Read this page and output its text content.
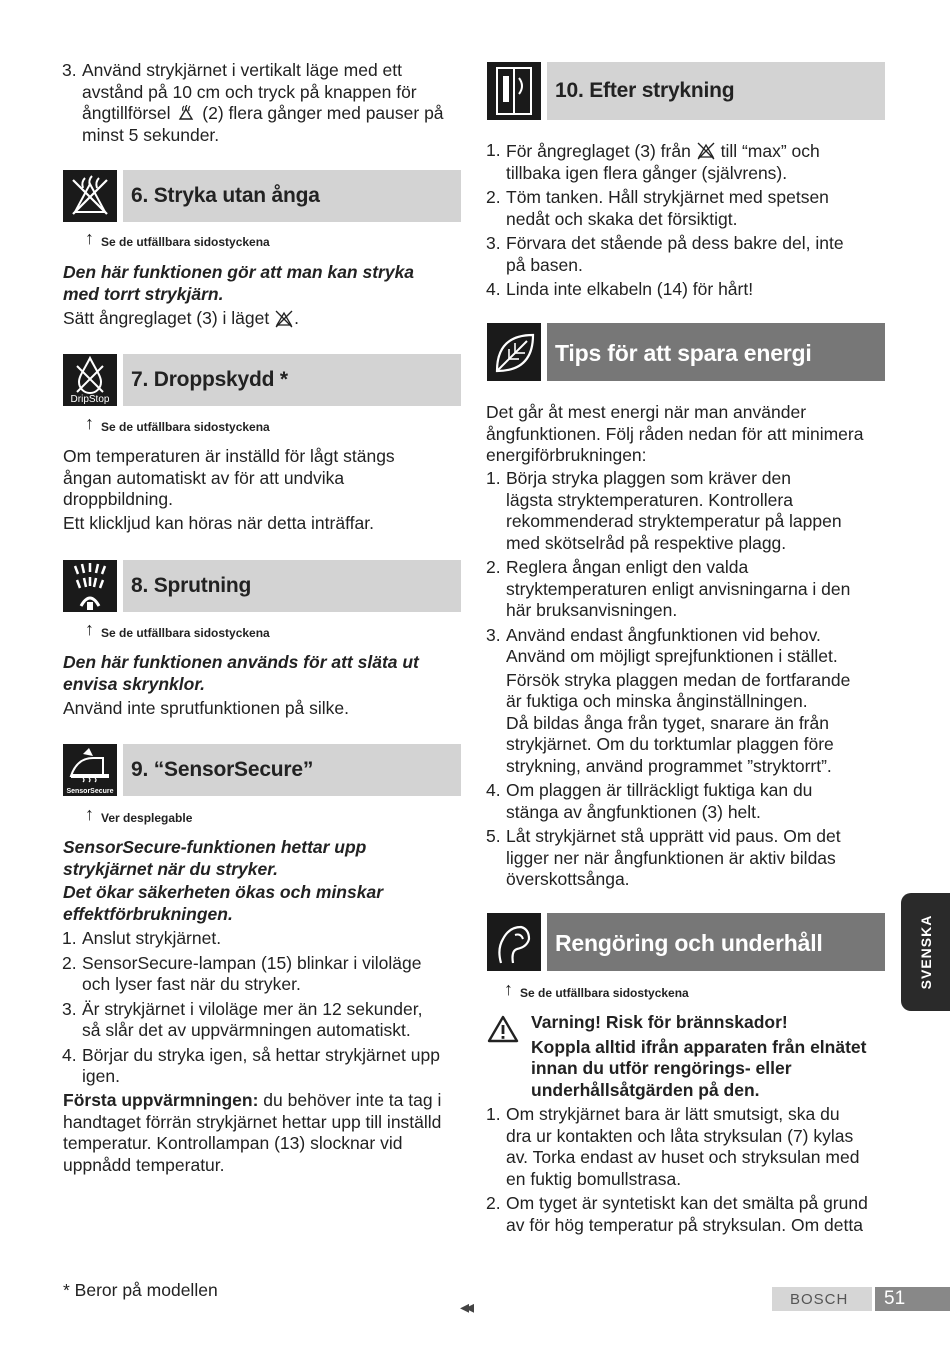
3. Använd strykjärnet i vertikalt läge med ett
avstånd på 10 cm och tryck på knappen för
ångtillförsel (2) flera gånger med pauser på
minst 5 sekunder.
6. Stryka utan ånga
↑ Se de utfällbara sidostyckena
Den här funktionen gör att man kan stryka
med torrt strykjärn.
Sätt ångreglaget (3) i läget .
DripStop
7. Droppskydd *
↑ Se de utfällbara sidostyckena
Om temperaturen är inställd för lågt stängs
ångan automatiskt av för att undvika
droppbildning.
Ett klickljud kan höras när detta inträffar.
8. Sprutning
↑ Se de utfällbara sidostyckena
Den här funktionen används för att släta ut
envisa skrynklor.
Använd inte sprutfunktionen på silke.
SensorSecure
9. “SensorSecure”
↑ Ver desplegable
SensorSecure-funktionen hettar upp
strykjärnet när du stryker.
Det ökar säkerheten ökas och minskar
effektförbrukningen.
1. Anslut strykjärnet.
2. SensorSecure-lampan (15) blinkar i viloläge
och lyser fast när du stryker.
3. Är strykjärnet i viloläge mer än 12 sekunder,
så slår det av uppvärmningen automatiskt.
4. Börjar du stryka igen, så hettar strykjärnet upp
igen.
Första uppvärmningen: du behöver inte ta tag i
handtaget förrän strykjärnet hettar upp till inställd
temperatur. Kontrollampan (13) slocknar vid
uppnådd temperatur.
* Beror på modellen
10. Efter strykning
1. För ångreglaget (3) från till “max” och
tillbaka igen flera gånger (självrens).
2. Töm tanken. Håll strykjärnet med spetsen
nedåt och skaka det försiktigt.
3. Förvara det stående på dess bakre del, inte
på basen.
4. Linda inte elkabeln (14) för hårt!
Tips för att spara energi
Det går åt mest energi när man använder
ångfunktionen. Följ råden nedan för att minimera
energiförbrukningen:
1. Börja stryka plaggen som kräver den
lägsta stryktemperaturen. Kontrollera
rekommenderad stryktemperatur på lappen
med skötselråd på respektive plagg.
2. Reglera ångan enligt den valda
stryktemperaturen enligt anvisningarna i den
här bruksanvisningen.
3. Använd endast ångfunktionen vid behov.
Använd om möjligt sprejfunktionen i stället.
Försök stryka plaggen medan de fortfarande
är fuktiga och minska ånginställningen.
Då bildas ånga från tyget, snarare än från
strykjärnet. Om du torktumlar plaggen före
strykning, använd programmet ”stryktorrt”.
4. Om plaggen är tillräckligt fuktiga kan du
stänga av ångfunktionen (3) helt.
5. Låt strykjärnet stå upprätt vid paus. Om det
ligger ner när ångfunktionen är aktiv bildas
överskottsånga.
Rengöring och underhåll
↑ Se de utfällbara sidostyckena
Varning! Risk för brännskador!
Koppla alltid ifrån apparaten från elnätet
innan du utför rengörings- eller
underhållsåtgärden på den.
1. Om strykjärnet bara är lätt smutsigt, ska du
dra ur kontakten och låta stryksulan (7) kylas
av. Torka endast av huset och stryksulan med
en fuktig bomullstrasa.
2. Om tyget är syntetiskt kan det smälta på grund
av för hög temperatur på stryksulan. Om detta
SVENSKA
◂◂	BOSCH 51
